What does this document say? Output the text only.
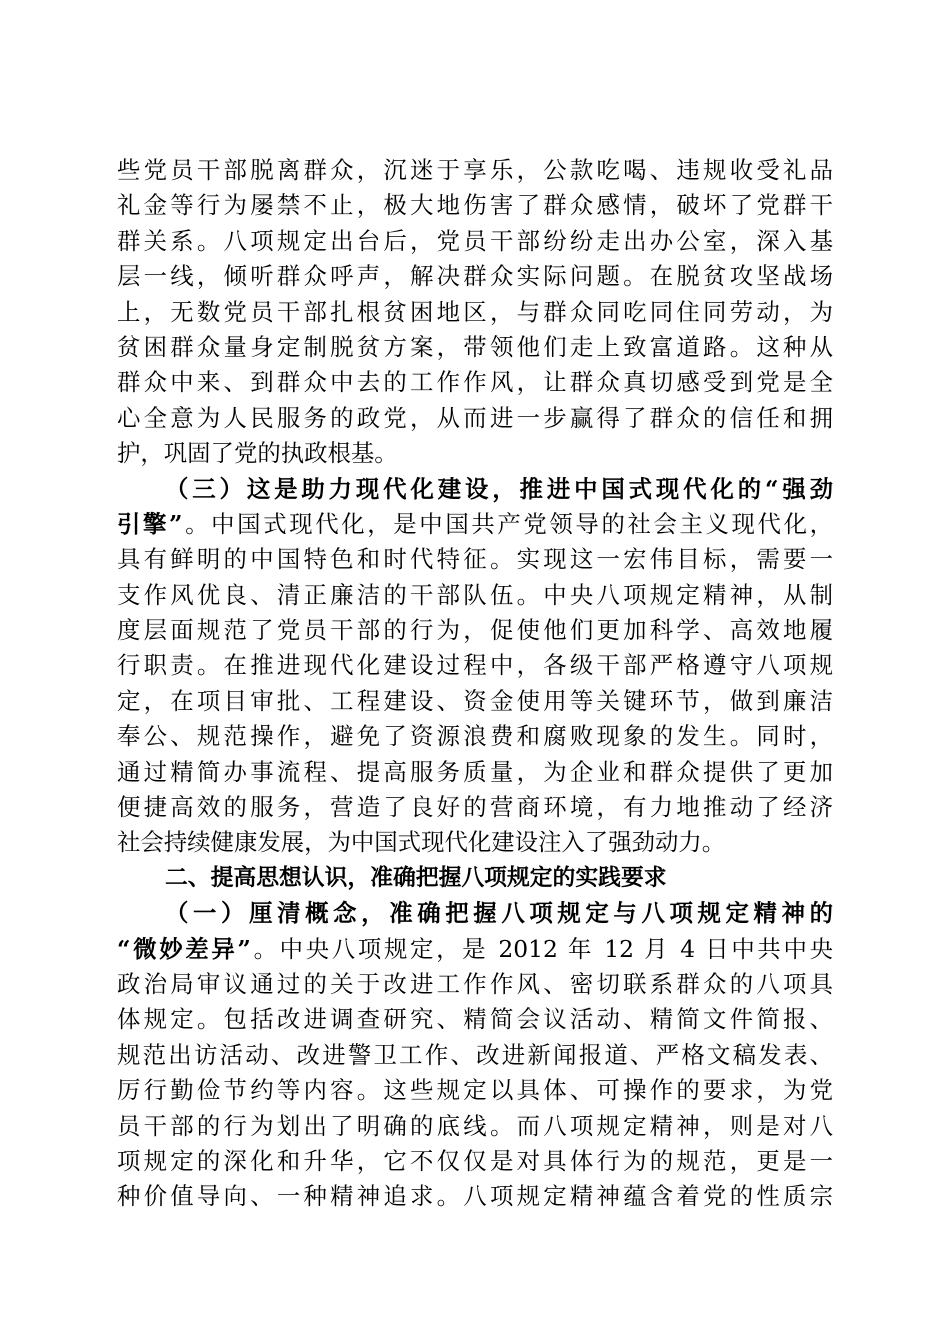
些党员干部脱离群众，沉迷于享乐，公款吃喝、违规收受礼品
礼金等行为屡禁不止，极大地伤害了群众感情，破坏了党群干
群关系。八项规定出台后，党员干部纷纷走出办公室，深入基
层一线，倾听群众呼声，解决群众实际问题。在脱贫攻坚战场
上，无数党员干部扎根贫困地区，与群众同吃同住同劳动，为
贫困群众量身定制脱贫方案，带领他们走上致富道路。这种从
群众中来、到群众中去的工作作风，让群众真切感受到党是全
心全意为人民服务的政党，从而进一步赢得了群众的信任和拥
护，巩固了党的执政根基。
（三）这是助力现代化建设，推进中国式现代化的“强劲
引擎”。中国式现代化，是中国共产党领导的社会主义现代化，
具有鲜明的中国特色和时代特征。实现这一宏伟目标，需要一
支作风优良、清正廉洁的干部队伍。中央八项规定精神，从制
度层面规范了党员干部的行为，促使他们更加科学、高效地履
行职责。在推进现代化建设过程中，各级干部严格遵守八项规
定，在项目审批、工程建设、资金使用等关键环节，做到廉洁
奉公、规范操作，避免了资源浪费和腐败现象的发生。同时，
通过精简办事流程、提高服务质量，为企业和群众提供了更加
便捷高效的服务，营造了良好的营商环境，有力地推动了经济
社会持续健康发展，为中国式现代化建设注入了强劲动力。
二、提高思想认识，准确把握八项规定的实践要求
（一）厘清概念，准确把握八项规定与八项规定精神的
“微妙差异”。中央八项规定，是 2012 年 12 月 4 日中共中央
政治局审议通过的关于改进工作作风、密切联系群众的八项具
体规定。包括改进调查研究、精简会议活动、精简文件简报、
规范出访活动、改进警卫工作、改进新闻报道、严格文稿发表、
厉行勤俭节约等内容。这些规定以具体、可操作的要求，为党
员干部的行为划出了明确的底线。而八项规定精神，则是对八
项规定的深化和升华，它不仅仅是对具体行为的规范，更是一
种价值导向、一种精神追求。八项规定精神蕴含着党的性质宗
